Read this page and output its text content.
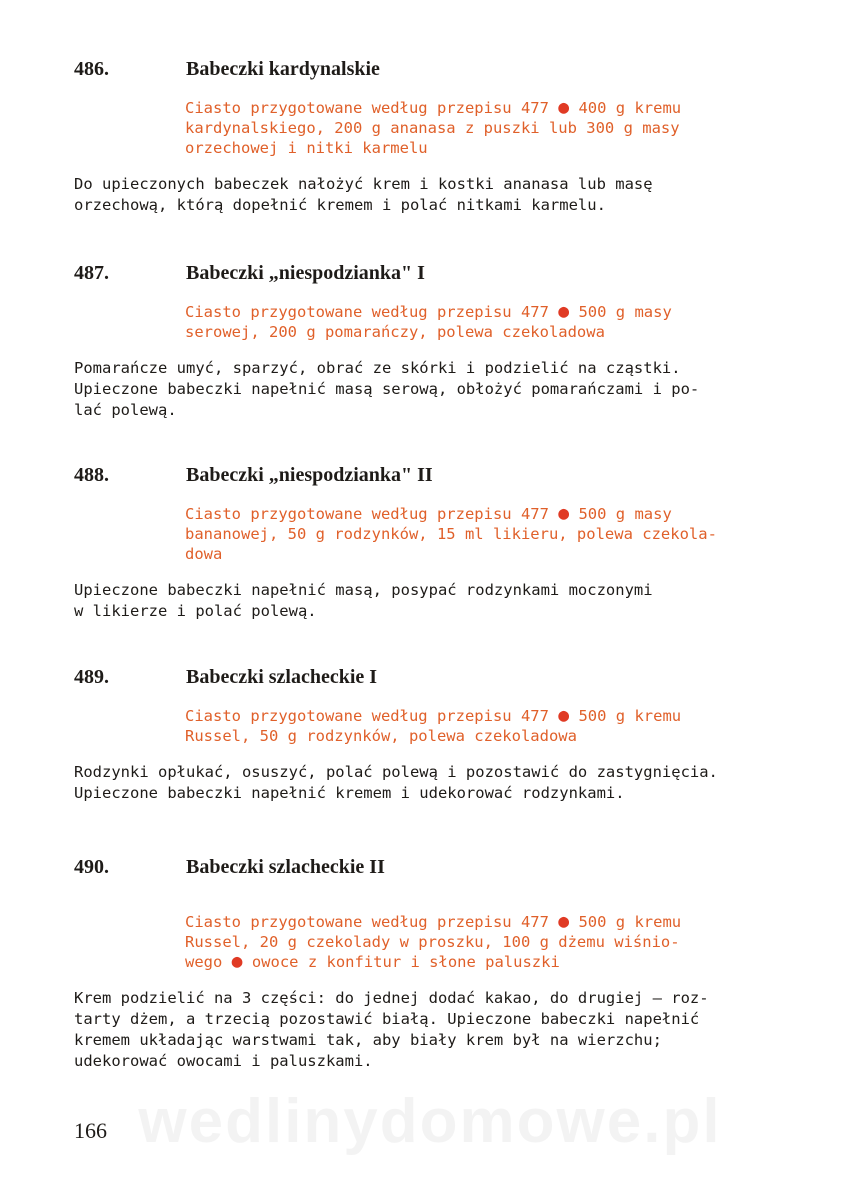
486.	Babeczki kardynalskie
Ciasto przygotowane według przepisu 477 ● 400 g kremu
kardynalskiego, 200 g ananasa z puszki lub 300 g masy
orzechowej i nitki karmelu
Do upieczonych babeczek nałożyć krem i kostki ananasa lub masę
orzechową, którą dopełnić kremem i polać nitkami karmelu.
487.	Babeczki „niespodzianka" I
Ciasto przygotowane według przepisu 477 ● 500 g masy
serowej, 200 g pomarańczy, polewa czekoladowa
Pomarańcze umyć, sparzyć, obrać ze skórki i podzielić na cząstki.
Upieczone babeczki napełnić masą serową, obłożyć pomarańczami i po-
lać polewą.
488.	Babeczki „niespodzianka" II
Ciasto przygotowane według przepisu 477 ● 500 g masy
bananowej, 50 g rodzynków, 15 ml likieru, polewa czekola-
dowa
Upieczone babeczki napełnić masą, posypać rodzynkami moczonymi
w likierze i polać polewą.
489.	Babeczki szlacheckie I
Ciasto przygotowane według przepisu 477 ● 500 g kremu
Russel, 50 g rodzynków, polewa czekoladowa
Rodzynki opłukać, osuszyć, polać polewą i pozostawić do zastygnięcia.
Upieczone babeczki napełnić kremem i udekorować rodzynkami.
490.	Babeczki szlacheckie II
Ciasto przygotowane według przepisu 477 ● 500 g kremu
Russel, 20 g czekolady w proszku, 100 g dżemu wiśnio-
wego ● owoce z konfitur i słone paluszki
Krem podzielić na 3 części: do jednej dodać kakao, do drugiej — roz-
tarty dżem, a trzecią pozostawić białą. Upieczone babeczki napełnić
kremem układając warstwami tak, aby biały krem był na wierzchu;
udekorować owocami i paluszkami.
166
